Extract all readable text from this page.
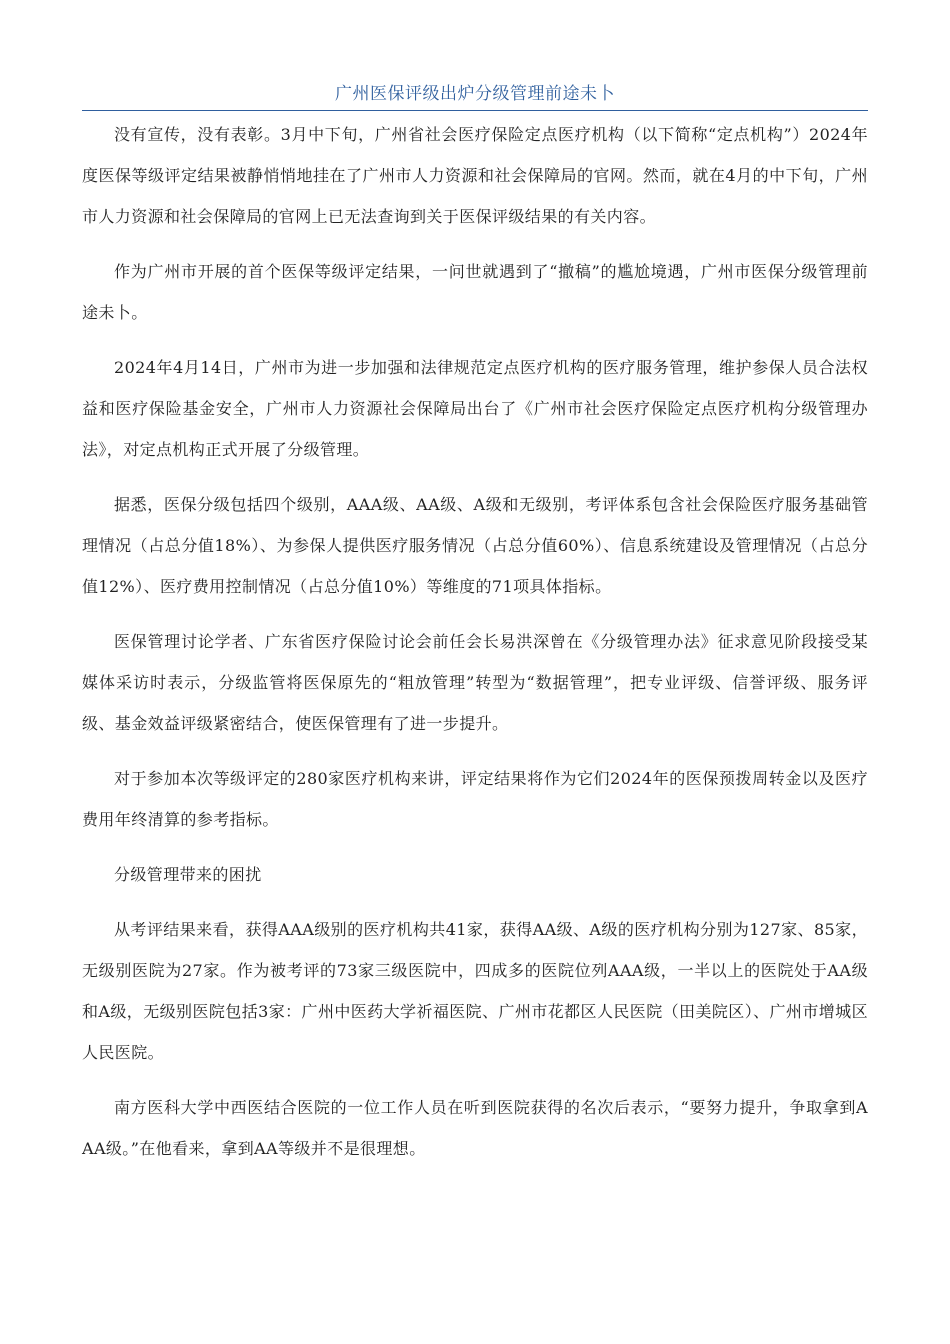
广州医保评级出炉分级管理前途未卜

没有宣传，没有表彰。3月中下旬，广州省社会医疗保险定点医疗机构（以下简称“定点机构”）2024年度医保等级评定结果被静悄悄地挂在了广州市人力资源和社会保障局的官网。然而，就在4月的中下旬，广州市人力资源和社会保障局的官网上已无法查询到关于医保评级结果的有关内容。

作为广州市开展的首个医保等级评定结果，一问世就遇到了“撤稿”的尴尬境遇，广州市医保分级管理前途未卜。

2024年4月14日，广州市为进一步加强和法律规范定点医疗机构的医疗服务管理，维护参保人员合法权益和医疗保险基金安全，广州市人力资源社会保障局出台了《广州市社会医疗保险定点医疗机构分级管理办法》，对定点机构正式开展了分级管理。

据悉，医保分级包括四个级别，AAA级、AA级、A级和无级别，考评体系包含社会保险医疗服务基础管理情况（占总分值18%）、为参保人提供医疗服务情况（占总分值60%）、信息系统建设及管理情况（占总分值12%）、医疗费用控制情况（占总分值10%）等维度的71项具体指标。

医保管理讨论学者、广东省医疗保险讨论会前任会长易洪深曾在《分级管理办法》征求意见阶段接受某媒体采访时表示，分级监管将医保原先的“粗放管理”转型为“数据管理”，把专业评级、信誉评级、服务评级、基金效益评级紧密结合，使医保管理有了进一步提升。

对于参加本次等级评定的280家医疗机构来讲，评定结果将作为它们2024年的医保预拨周转金以及医疗费用年终清算的参考指标。

分级管理带来的困扰

从考评结果来看，获得AAA级别的医疗机构共41家，获得AA级、A级的医疗机构分别为127家、85家，无级别医院为27家。作为被考评的73家三级医院中，四成多的医院位列AAA级，一半以上的医院处于AA级和A级，无级别医院包括3家：广州中医药大学祈福医院、广州市花都区人民医院（田美院区）、广州市增城区人民医院。

南方医科大学中西医结合医院的一位工作人员在听到医院获得的名次后表示，“要努力提升，争取拿到AAA级。”在他看来，拿到AA等级并不是很理想。
